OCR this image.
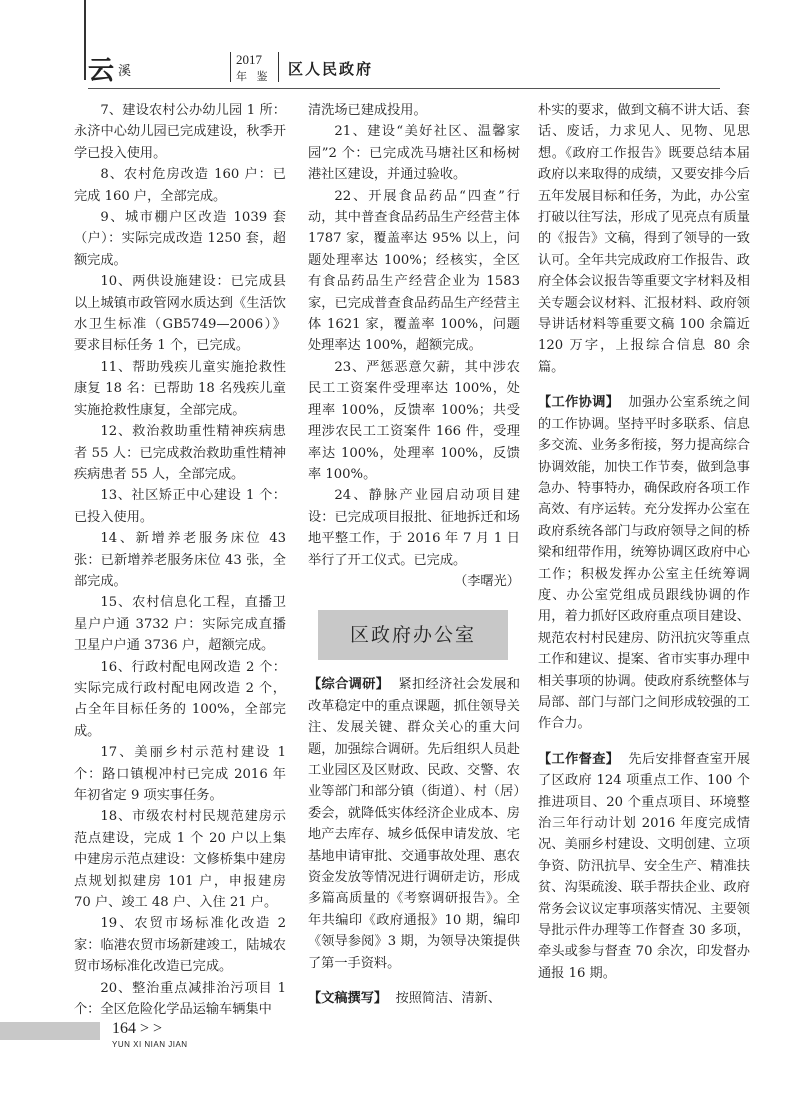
云 溪
2017
年 鉴 区人民政府

7、建设农村公办幼儿园 1 所：永济中心幼儿园已完成建设，秋季开学已投入使用。

8、农村危房改造 160 户：已完成 160 户，全部完成。

9、城市棚户区改造 1039 套（户）：实际完成改造 1250 套，超额完成。

10、两供设施建设：已完成县以上城镇市政管网水质达到《生活饮水卫生标准（GB5749—2006）》要求目标任务 1 个，已完成。

11、帮助残疾儿童实施抢救性康复 18 名：已帮助 18 名残疾儿童实施抢救性康复，全部完成。

12、救治救助重性精神疾病患者 55 人：已完成救治救助重性精神疾病患者 55 人，全部完成。

13、社区矫正中心建设 1 个：已投入使用。

14、新增养老服务床位 43 张：已新增养老服务床位 43 张，全部完成。

15、农村信息化工程，直播卫星户户通 3732 户：实际完成直播卫星户户通 3736 户，超额完成。

16、行政村配电网改造 2 个：实际完成行政村配电网改造 2 个，占全年目标任务的 100%，全部完成。

17、美丽乡村示范村建设 1 个：路口镇枧冲村已完成 2016 年年初省定 9 项实事任务。

18、市级农村村民规范建房示范点建设，完成 1 个 20 户以上集中建房示范点建设：文修桥集中建房点规划拟建房 101 户，申报建房 70 户、竣工 48 户、入住 21 户。

19、农贸市场标准化改造 2 家：临港农贸市场新建竣工，陆城农贸市场标准化改造已完成。

20、整治重点减排治污项目 1 个：全区危险化学品运输车辆集中

清洗场已建成投用。

21、建设“美好社区、温馨家园”2 个：已完成冼马塘社区和杨树港社区建设，并通过验收。

22、开展食品药品“四查”行动，其中普查食品药品生产经营主体 1787 家，覆盖率达 95% 以上，问题处理率达 100%；经核实，全区有食品药品生产经营企业为 1583 家，已完成普查食品药品生产经营主体 1621 家，覆盖率 100%，问题处理率达 100%，超额完成。

23、严惩恶意欠薪，其中涉农民工工资案件受理率达 100%，处理率 100%，反馈率 100%；共受理涉农民工工资案件 166 件，受理率达 100%，处理率 100%，反馈率 100%。

24、静脉产业园启动项目建设：已完成项目报批、征地拆迁和场地平整工作，于 2016 年 7 月 1 日举行了开工仪式。已完成。

（李曙光）

区政府办公室

【综合调研】 紧扣经济社会发展和改革稳定中的重点课题，抓住领导关注、发展关键、群众关心的重大问题，加强综合调研。先后组织人员赴工业园区及区财政、民政、交警、农业等部门和部分镇（街道）、村（居）委会，就降低实体经济企业成本、房地产去库存、城乡低保申请发放、宅基地申请审批、交通事故处理、惠农资金发放等情况进行调研走访，形成多篇高质量的《考察调研报告》。全年共编印《政府通报》10 期，编印《领导参阅》3 期，为领导决策提供了第一手资料。

【文稿撰写】 按照简洁、清新、

朴实的要求，做到文稿不讲大话、套话、废话，力求见人、见物、见思想。《政府工作报告》既要总结本届政府以来取得的成绩，又要安排今后五年发展目标和任务，为此，办公室打破以往写法，形成了见亮点有质量的《报告》文稿，得到了领导的一致认可。全年共完成政府工作报告、政府全体会议报告等重要文字材料及相关专题会议材料、汇报材料、政府领导讲话材料等重要文稿 100 余篇近 120 万字，上报综合信息 80 余篇。

【工作协调】 加强办公室系统之间的工作协调。坚持平时多联系、信息多交流、业务多衔接，努力提高综合协调效能，加快工作节奏，做到急事急办、特事特办，确保政府各项工作高效、有序运转。充分发挥办公室在政府系统各部门与政府领导之间的桥梁和纽带作用，统筹协调区政府中心工作；积极发挥办公室主任统筹调度、办公室党组成员跟线协调的作用，着力抓好区政府重点项目建设、规范农村村民建房、防汛抗灾等重点工作和建议、提案、省市实事办理中相关事项的协调。使政府系统整体与局部、部门与部门之间形成较强的工作合力。

【工作督查】 先后安排督查室开展了区政府 124 项重点工作、100 个推进项目、20 个重点项目、环境整治三年行动计划 2016 年度完成情况、美丽乡村建设、文明创建、立项争资、防汛抗旱、安全生产、精准扶贫、沟渠疏浚、联手帮扶企业、政府常务会议议定事项落实情况、主要领导批示件办理等工作督查 30 多项，牵头或参与督查 70 余次，印发督办通报 16 期。

164 > >
YUN XI NIAN JIAN
